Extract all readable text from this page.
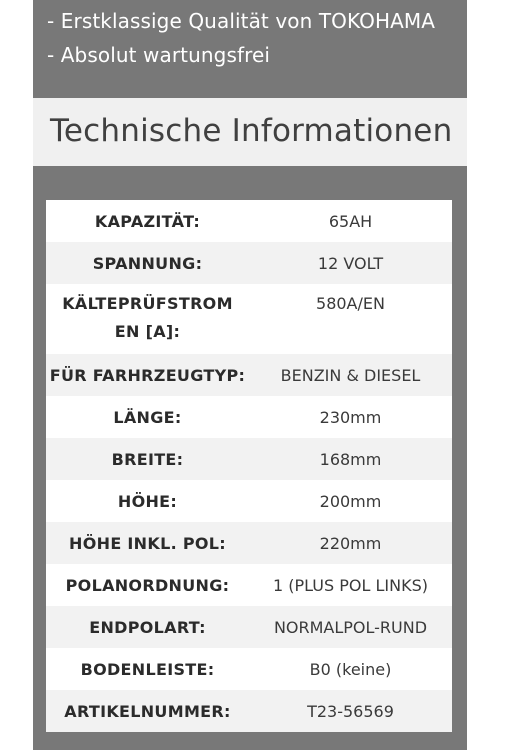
- Erstklassige Qualität von TOKOHAMA
- Absolut wartungsfrei
Technische Informationen
KAPAZITÄT:	65AH
SPANNUNG:	12 VOLT
KÄLTEPRÜFSTROM EN [A]:	580A/EN
FÜR FARHRZEUGTYP:	BENZIN & DIESEL
LÄNGE:	230mm
BREITE:	168mm
HÖHE:	200mm
HÖHE INKL. POL:	220mm
POLANORDNUNG:	1 (PLUS POL LINKS)
ENDPOLART:	NORMALPOL-RUND
BODENLEISTE:	B0 (keine)
ARTIKELNUMMER:	T23-56569
